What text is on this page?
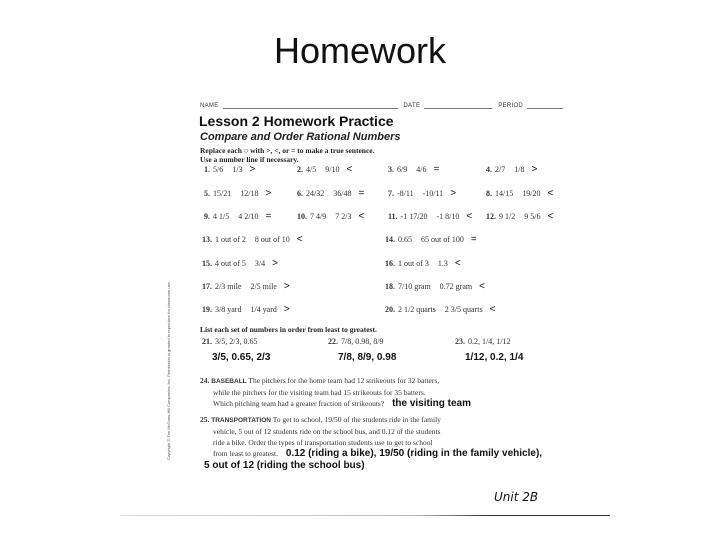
Homework
NAME	DATE	PERIOD
Lesson 2 Homework Practice
Compare and Order Rational Numbers
Replace each ○ with >, <, or = to make a true sentence.
Use a number line if necessary.
1. 5/6 1/3 >	2. 4/5 9/10 <	3. 6/9 4/6 =	4. 2/7 1/8 >
5. 15/21 12/18 >	6. 24/32 36/48 =	7. -8/11 -10/11 >	8. 14/15 19/20 <
9. 4 1/5 4 2/10 =	10. 7 4/9 7 2/3 <	11. -1 17/20 -1 8/10 < 12. 9 1/2 9 5/6 <
13. 1 out of 2 8 out of 10 <	14. 0.65 65 out of 100 =
15. 4 out of 5 3/4 >	16. 1 out of 3 1.3 <
17. 2/3 mile 2/5 mile >	18. 7/10 gram 0.72 gram <
19. 3/8 yard 1/4 yard >	20. 2 1/2 quarts 2 3/5 quarts <
List each set of numbers in order from least to greatest.
21. 3/5, 2/3, 0.65
3/5, 0.65, 2/3
22. 7/8, 0.98, 8/9
7/8, 8/9, 0.98
23. 0.2, 1/4, 1/12
1/12, 0.2, 1/4
24. BASEBALL The pitchers for the home team had 12 strikeouts for 32 batters,
while the pitchers for the visiting team had 15 strikeouts for 35 batters.
Which pitching team had a greater fraction of strikeouts? the visiting team
25. TRANSPORTATION To get to school, 19/50 of the students ride in the family
vehicle, 5 out of 12 students ride on the school bus, and 0.12 of the students
ride a bike. Order the types of transportation students use to get to school
from least to greatest. 0.12 (riding a bike), 19/50 (riding in the family vehicle),
5 out of 12 (riding the school bus)
Copyright © The McGraw-Hill Companies, Inc. Permission is granted to reproduce for classroom use.
Unit 2B
